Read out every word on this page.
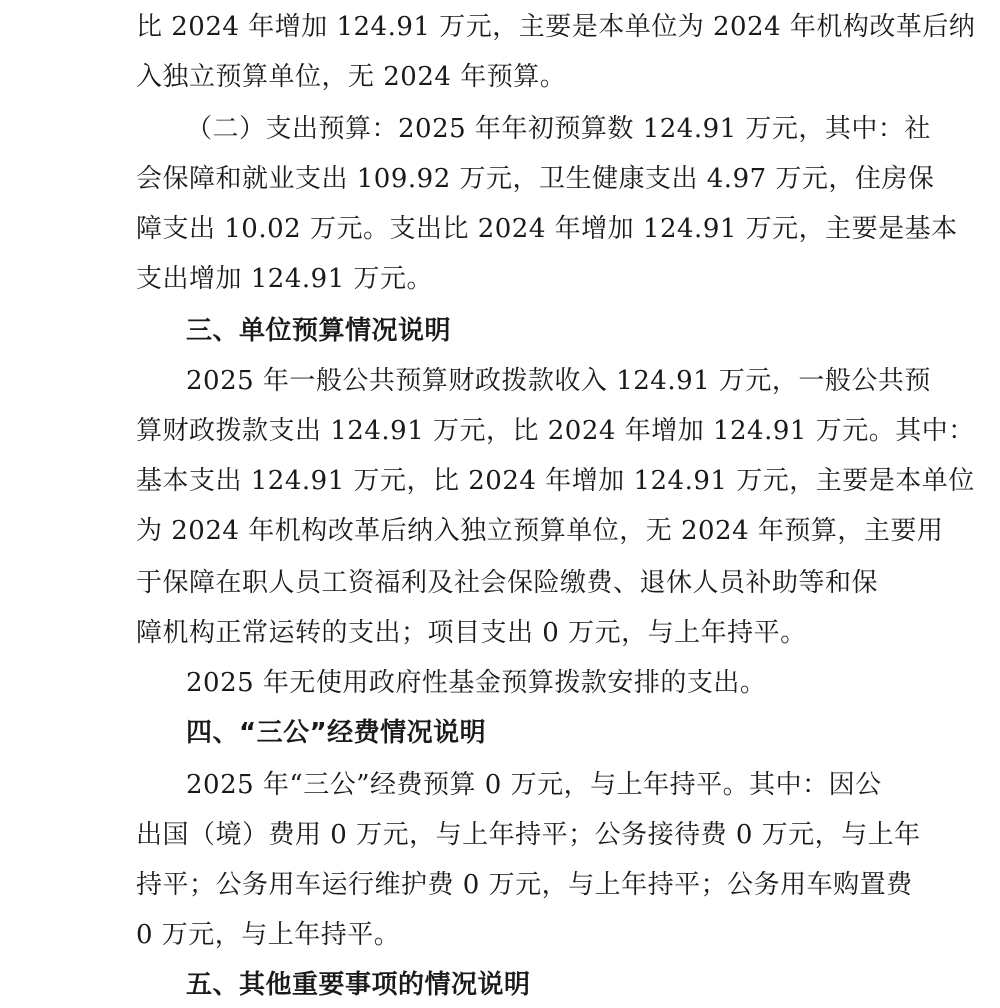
比 2024 年增加 124.91 万元，主要是本单位为 2024 年机构改革后纳
入独立预算单位，无 2024 年预算。
（二）支出预算：2025 年年初预算数 124.91 万元，其中：社
会保障和就业支出 109.92 万元，卫生健康支出 4.97 万元，住房保
障支出 10.02 万元。支出比 2024 年增加 124.91 万元，主要是基本
支出增加 124.91 万元。
三、单位预算情况说明
2025 年一般公共预算财政拨款收入 124.91 万元，一般公共预
算财政拨款支出 124.91 万元，比 2024 年增加 124.91 万元。其中：
基本支出 124.91 万元，比 2024 年增加 124.91 万元，主要是本单位
为 2024 年机构改革后纳入独立预算单位，无 2024 年预算，主要用
于保障在职人员工资福利及社会保险缴费、退休人员补助等和保
障机构正常运转的支出；项目支出 0 万元，与上年持平。
2025 年无使用政府性基金预算拨款安排的支出。
四、“三公”经费情况说明
2025 年“三公”经费预算 0 万元，与上年持平。其中：因公
出国（境）费用 0 万元，与上年持平；公务接待费 0 万元，与上年
持平；公务用车运行维护费 0 万元，与上年持平；公务用车购置费
0 万元，与上年持平。
五、其他重要事项的情况说明
